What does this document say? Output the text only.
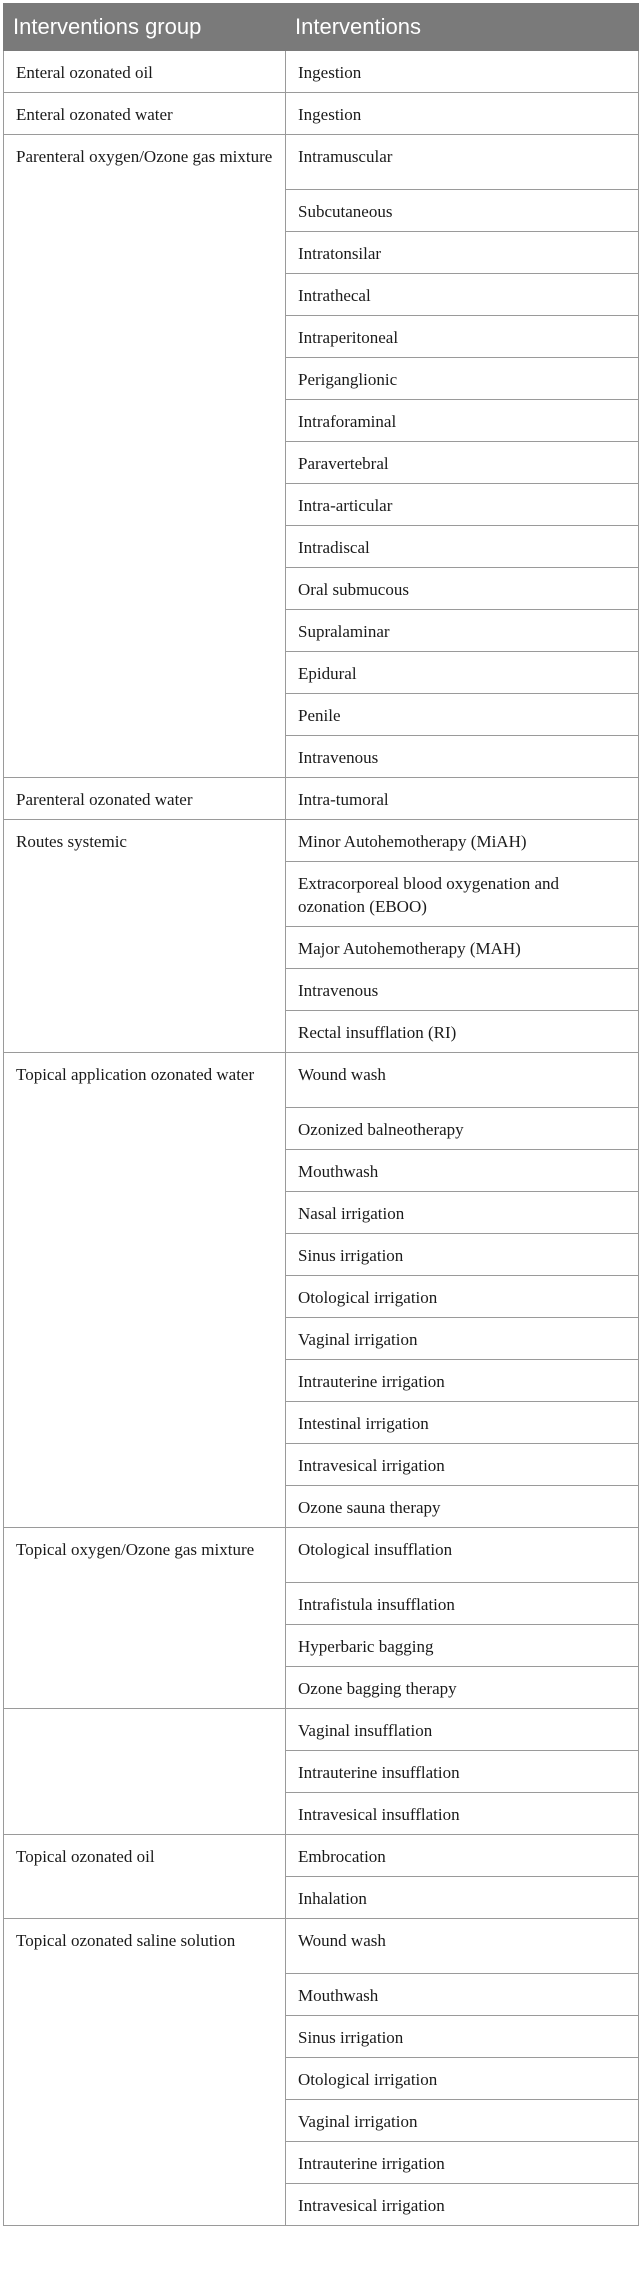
Interventions group	Interventions
Enteral ozonated oil	Ingestion
Enteral ozonated water	Ingestion
Parenteral oxygen/Ozone gas mixture	Intramuscular
	Subcutaneous
	Intratonsilar
	Intrathecal
	Intraperitoneal
	Periganglionic
	Intraforaminal
	Paravertebral
	Intra-articular
	Intradiscal
	Oral submucous
	Supralaminar
	Epidural
	Penile
	Intravenous
Parenteral ozonated water	Intra-tumoral
Routes systemic	Minor Autohemotherapy (MiAH)
	Extracorporeal blood oxygenation and ozonation (EBOO)
	Major Autohemotherapy (MAH)
	Intravenous
	Rectal insufflation (RI)
Topical application ozonated water	Wound wash
	Ozonized balneotherapy
	Mouthwash
	Nasal irrigation
	Sinus irrigation
	Otological irrigation
	Vaginal irrigation
	Intrauterine irrigation
	Intestinal irrigation
	Intravesical irrigation
	Ozone sauna therapy
Topical oxygen/Ozone gas mixture	Otological insufflation
	Intrafistula insufflation
	Hyperbaric bagging
	Ozone bagging therapy
	Vaginal insufflation
	Intrauterine insufflation
	Intravesical insufflation
Topical ozonated oil	Embrocation
	Inhalation
Topical ozonated saline solution	Wound wash
	Mouthwash
	Sinus irrigation
	Otological irrigation
	Vaginal irrigation
	Intrauterine irrigation
	Intravesical irrigation
